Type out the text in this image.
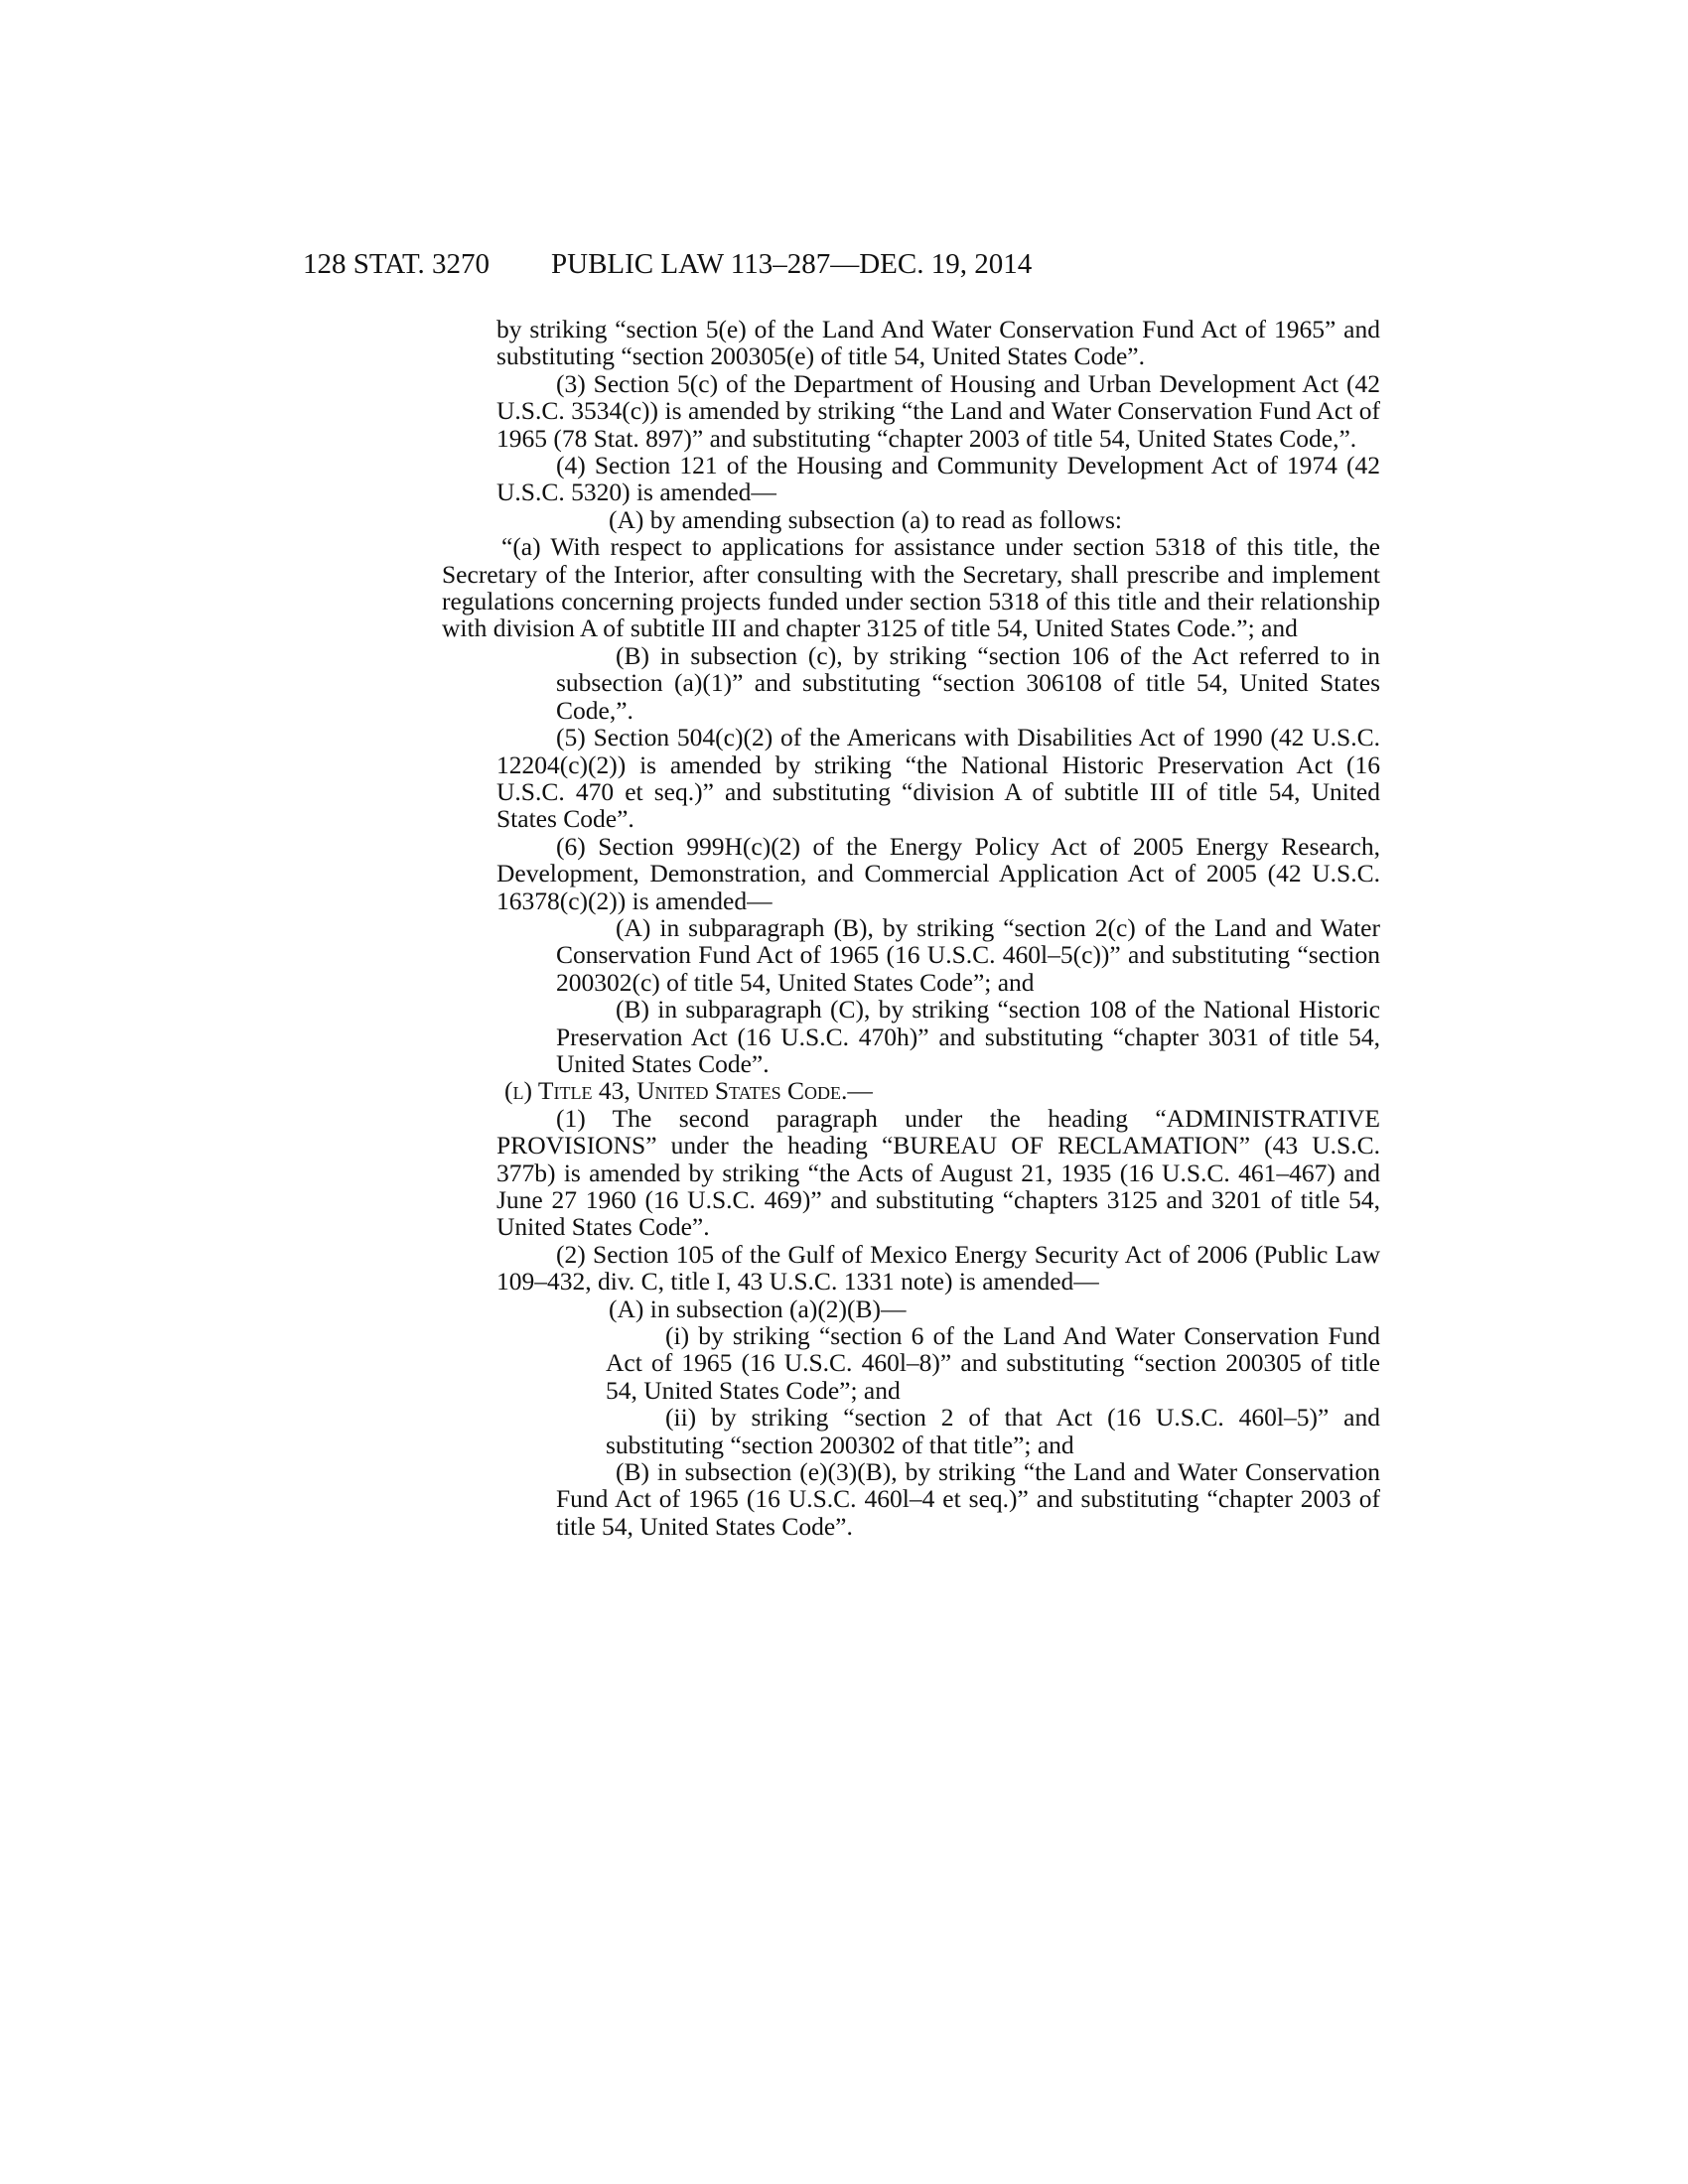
128 STAT. 3270 PUBLIC LAW 113–287—DEC. 19, 2014

by striking “section 5(e) of the Land And Water Conservation Fund Act of 1965” and substituting “section 200305(e) of title 54, United States Code”.

(3) Section 5(c) of the Department of Housing and Urban Development Act (42 U.S.C. 3534(c)) is amended by striking “the Land and Water Conservation Fund Act of 1965 (78 Stat. 897)” and substituting “chapter 2003 of title 54, United States Code,”.

(4) Section 121 of the Housing and Community Development Act of 1974 (42 U.S.C. 5320) is amended—

(A) by amending subsection (a) to read as follows:

“(a) With respect to applications for assistance under section 5318 of this title, the Secretary of the Interior, after consulting with the Secretary, shall prescribe and implement regulations concerning projects funded under section 5318 of this title and their relationship with division A of subtitle III and chapter 3125 of title 54, United States Code.”; and

(B) in subsection (c), by striking “section 106 of the Act referred to in subsection (a)(1)” and substituting “section 306108 of title 54, United States Code,”.

(5) Section 504(c)(2) of the Americans with Disabilities Act of 1990 (42 U.S.C. 12204(c)(2)) is amended by striking “the National Historic Preservation Act (16 U.S.C. 470 et seq.)” and substituting “division A of subtitle III of title 54, United States Code”.

(6) Section 999H(c)(2) of the Energy Policy Act of 2005 Energy Research, Development, Demonstration, and Commercial Application Act of 2005 (42 U.S.C. 16378(c)(2)) is amended—

(A) in subparagraph (B), by striking “section 2(c) of the Land and Water Conservation Fund Act of 1965 (16 U.S.C. 460l–5(c))” and substituting “section 200302(c) of title 54, United States Code”; and

(B) in subparagraph (C), by striking “section 108 of the National Historic Preservation Act (16 U.S.C. 470h)” and substituting “chapter 3031 of title 54, United States Code”.

(l) Title 43, United States Code.—

(1) The second paragraph under the heading “ADMINISTRATIVE PROVISIONS” under the heading “BUREAU OF RECLAMATION” (43 U.S.C. 377b) is amended by striking “the Acts of August 21, 1935 (16 U.S.C. 461–467) and June 27 1960 (16 U.S.C. 469)” and substituting “chapters 3125 and 3201 of title 54, United States Code”.

(2) Section 105 of the Gulf of Mexico Energy Security Act of 2006 (Public Law 109–432, div. C, title I, 43 U.S.C. 1331 note) is amended—

(A) in subsection (a)(2)(B)—

(i) by striking “section 6 of the Land And Water Conservation Fund Act of 1965 (16 U.S.C. 460l–8)” and substituting “section 200305 of title 54, United States Code”; and

(ii) by striking “section 2 of that Act (16 U.S.C. 460l–5)” and substituting “section 200302 of that title”; and

(B) in subsection (e)(3)(B), by striking “the Land and Water Conservation Fund Act of 1965 (16 U.S.C. 460l–4 et seq.)” and substituting “chapter 2003 of title 54, United States Code”.
